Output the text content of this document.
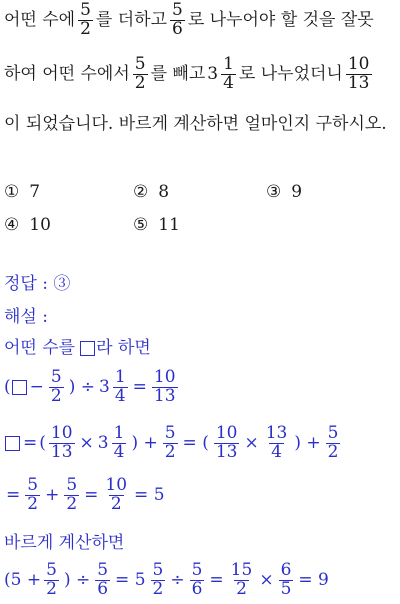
어떤 수에 $\frac{5}{2}$ 를 더하고 $\frac{5}{6}$ 로 나누어야 할 것을 잘못
하여 어떤 수에서 $\frac{5}{2}$ 를 빼고 $3 \frac{1}{4}$ 로 나누었더니 $\frac{10}{13}$
이 되었습니다. 바르게 계산하면 얼마인지 구하시오.
① 7	② 8	③ 9
④ 10	⑤ 11
정답 : ③
해설 :
어떤 수를 라 하면
( − $\frac{5}{2}$ ) ÷ $3 \frac{1}{4} = \frac{10}{13}$
= ( $\frac{10}{13} \times 3 \frac{1}{4}$ ) + $\frac{5}{2}$ = ( $\frac{10}{13} \times \frac{13}{4}$ ) + $\frac{5}{2}$
= $\frac{5}{2} + \frac{5}{2} = \frac{10}{2} = 5$
바르게 계산하면
($5 + \frac{5}{2}$ ) ÷ $\frac{5}{6} = 5 \frac{5}{2} \div \frac{5}{6} = \frac{15}{2} \times \frac{6}{5} = 9$
